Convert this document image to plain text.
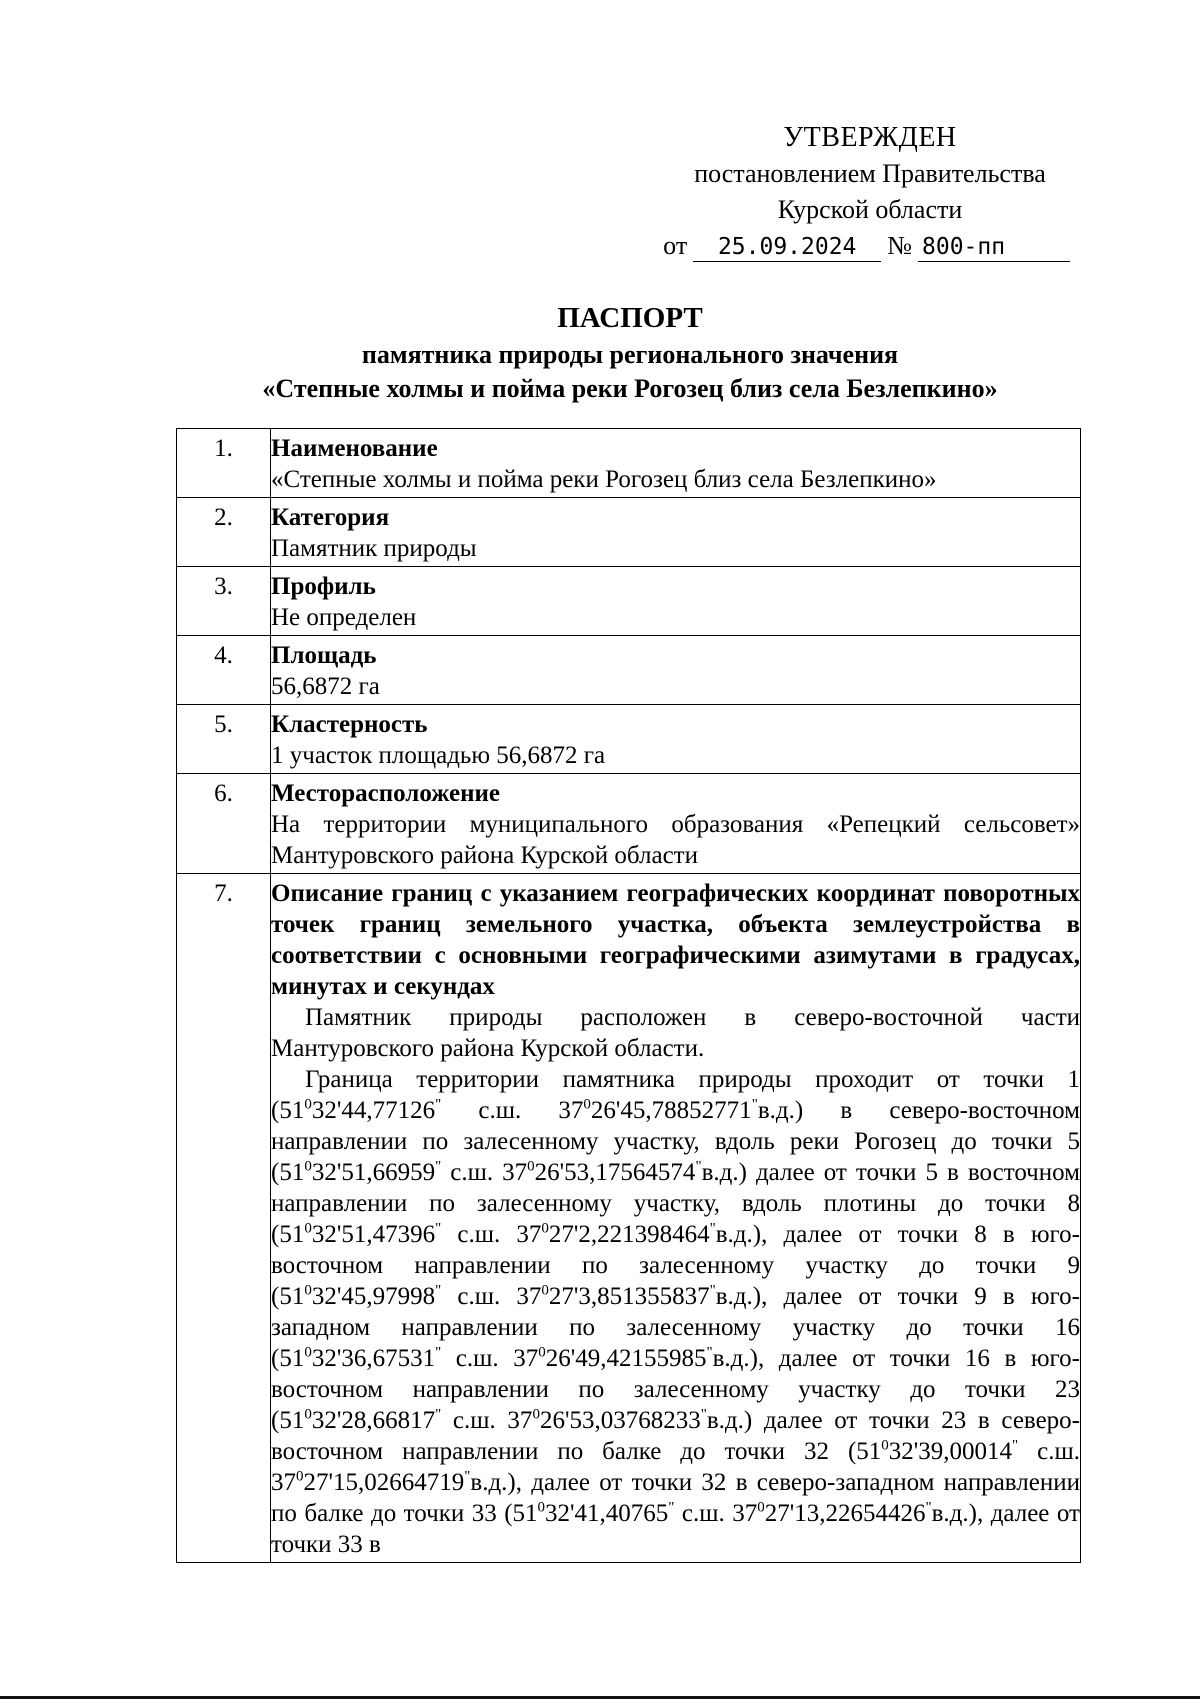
УТВЕРЖДЕН
постановлением Правительства
Курской области
от	25.09.2024	№ 800-пп
ПАСПОРТ
памятника природы регионального значения
«Степные холмы и пойма реки Рогозец близ села Безлепкино»
1.	Наименование
«Степные холмы и пойма реки Рогозец близ села Безлепкино»

2.	Категория
Памятник природы

3.	Профиль
Не определен

4.	Площадь
56,6872 га

5.	Кластерность
1 участок площадью 56,6872 га

6.	Месторасположение
На территории муниципального образования «Репецкий сельсовет» Мантуровского района Курской области

7.	Описание границ с указанием географических координат поворотных точек границ земельного участка, объекта землеустройства в соответствии с основными географическими азимутами в градусах, минутах и секундах
Памятник природы расположен в северо-восточной части Мантуровского района Курской области.
Граница территории памятника природы проходит от точки 1 ($51^032'44,77126^"$ с.ш. $37^026'45,78852771^"в.д$.) в северо-восточном направлении по залесенному участку, вдоль реки Рогозец до точки 5 ($51^032'51,66959^"$ с.ш. $37^026'53,17564574^"в.д$.) далее от точки 5 в восточном направлении по залесенному участку, вдоль плотины до точки 8 ($51^032'51,47396^"$ с.ш. $37^027'2,221398464^"в.д$.), далее от точки 8 в юго-восточном направлении по залесенному участку до точки 9 ($51^032'45,97998^"$ с.ш. $37^027'3,851355837^"в.д$.), далее от точки 9 в юго-западном направлении по залесенному участку до точки 16 ($51^032'36,67531^"$ с.ш. $37^026'49,42155985^"в.д$.), далее от точки 16 в юго-восточном направлении по залесенному участку до точки 23 ($51^032'28,66817^"$ с.ш. $37^026'53,03768233^"в.д$.) далее от точки 23 в северо-восточном направлении по балке до точки 32 ($51^032'39,00014^"$ с.ш. $37^027'15,02664719^"в.д$.), далее от точки 32 в северо-западном направлении по балке до точки 33 ($51^032'41,40765^"$ с.ш. $37^027'13,22654426^"в.д$.), далее от точки 33 в
